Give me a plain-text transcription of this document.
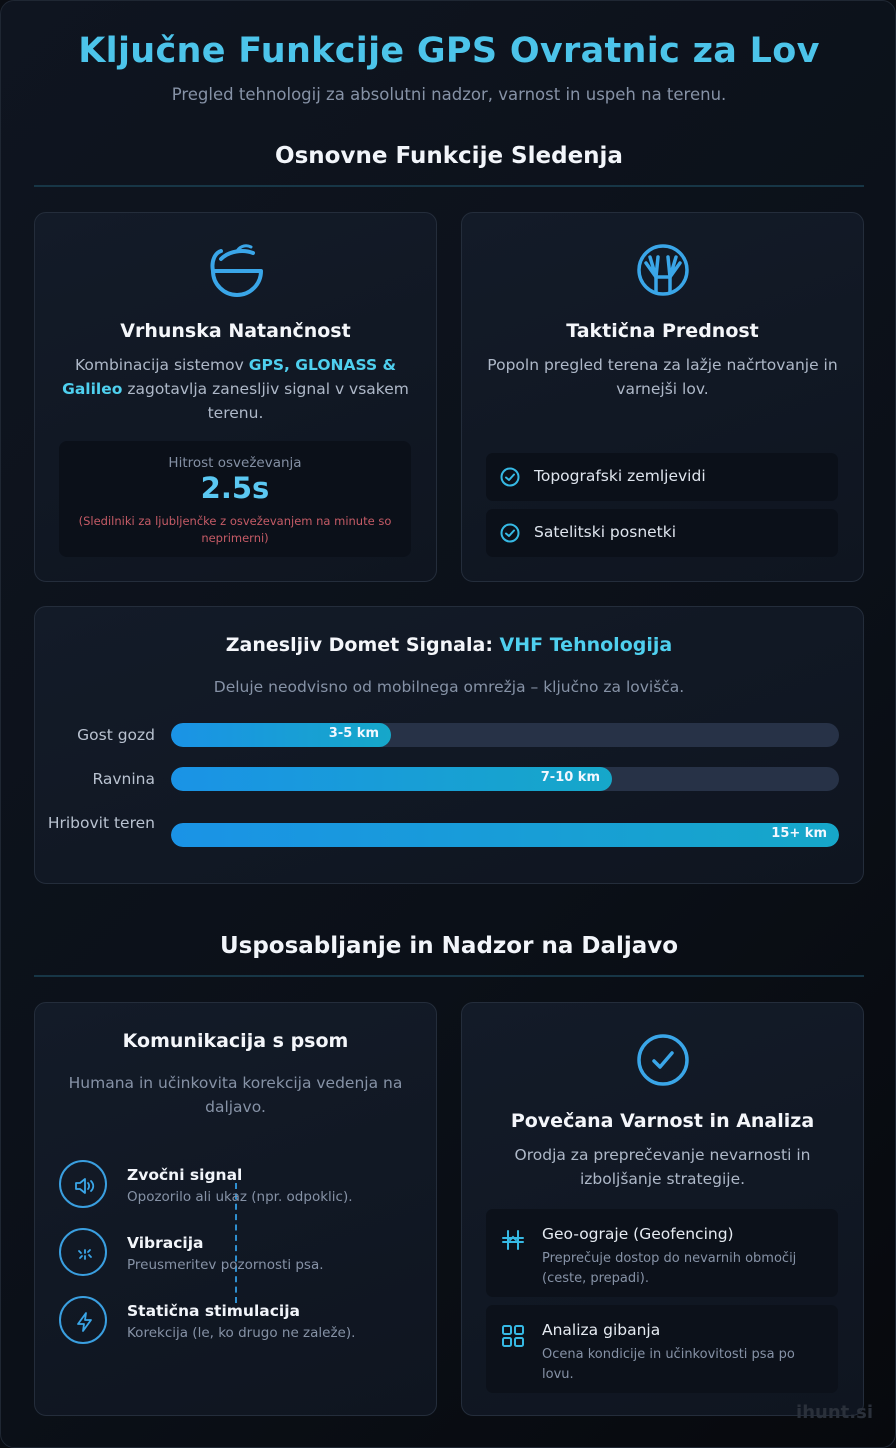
Ključne Funkcije GPS Ovratnic za Lov
Pregled tehnologij za absolutni nadzor, varnost in uspeh na terenu.
Osnovne Funkcije Sledenja
Vrhunska Natančnost
Kombinacija sistemov GPS, GLONASS & Galileo zagotavlja zanesljiv signal v vsakem terenu.
Hitrost osveževanja
2.5s
(Sledilniki za ljubljenčke z osveževanjem na minute so neprimerni)
Taktična Prednost
Popoln pregled terena za lažje načrtovanje in varnejši lov.
Topografski zemljevidi
Satelitski posnetki
Zanesljiv Domet Signala: VHF Tehnologija
Deluje neodvisno od mobilnega omrežja – ključno za lovišča.
Gost gozd	3-5 km
Ravnina	7-10 km
Hribovit teren
15+ km
Usposabljanje in Nadzor na Daljavo
Komunikacija s psom
Humana in učinkovita korekcija vedenja na daljavo.
Zvočni signal
Opozorilo ali ukaz (npr. odpoklic).
Vibracija
Preusmeritev pozornosti psa.
Statična stimulacija
Korekcija (le, ko drugo ne zaleže).
Povečana Varnost in Analiza
Orodja za preprečevanje nevarnosti in izboljšanje strategije.
Geo-ograje (Geofencing)
Preprečuje dostop do nevarnih območij (ceste, prepadi).
Analiza gibanja
Ocena kondicije in učinkovitosti psa po lovu.
ihunt.si
